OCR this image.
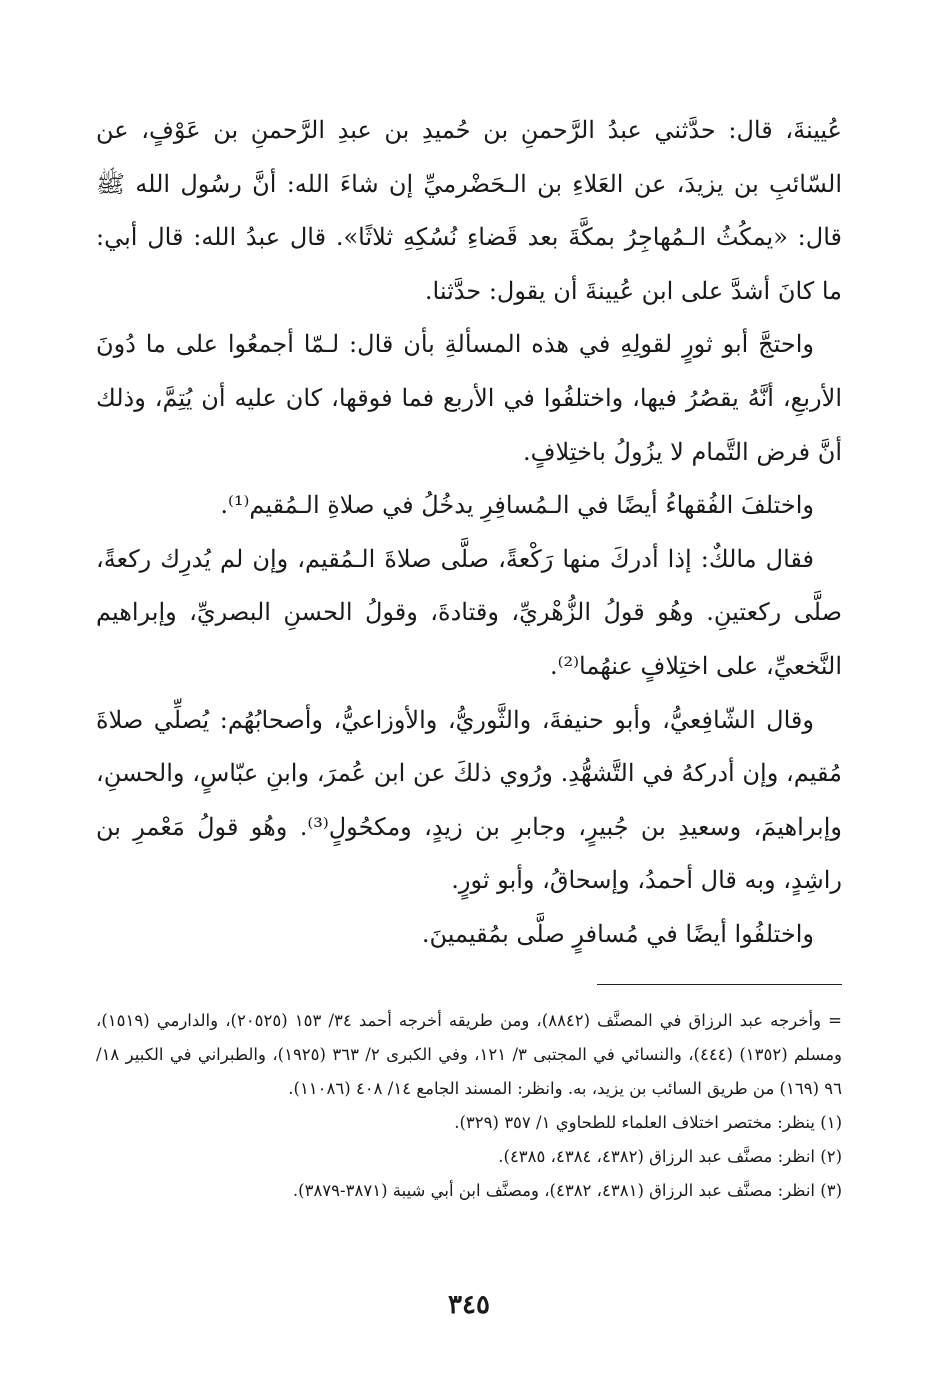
عُيينةَ، قال: حدَّثني عبدُ الرَّحمنِ بن حُميدِ بن عبدِ الرَّحمنِ بن عَوْفٍ، عن السّائبِ بن يزيدَ، عن العَلاءِ بن الـحَضْرميِّ إن شاءَ الله: أنَّ رسُول الله ﷺ قال: «يمكُثُ الـمُهاجِرُ بمكَّةَ بعد قَضاءِ نُسُكِهِ ثلاثًا». قال عبدُ الله: قال أبي: ما كانَ أشدَّ على ابن عُيينةَ أن يقول: حدَّثنا.

واحتجَّ أبو ثورٍ لقولِهِ في هذه المسألةِ بأن قال: لـمّا أجمعُوا على ما دُونَ الأربعِ، أنَّهُ يقصُرُ فيها، واختلفُوا في الأربع فما فوقها، كان عليه أن يُتِمَّ، وذلك أنَّ فرض التَّمام لا يزُولُ باختِلافٍ.

واختلفَ الفُقهاءُ أيضًا في الـمُسافِرِ يدخُلُ في صلاةِ الـمُقيم⁽¹⁾.

فقال مالكٌ: إذا أدركَ منها رَكْعةً، صلَّى صلاةَ الـمُقيم، وإن لم يُدرِك ركعةً، صلَّى ركعتينِ. وهُو قولُ الزُّهْريِّ، وقتادةَ، وقولُ الحسنِ البصريِّ، وإبراهيم النَّخعيِّ، على اختِلافٍ عنهُما⁽²⁾.

وقال الشّافِعيُّ، وأبو حنيفةَ، والثَّوريُّ، والأوزاعيُّ، وأصحابُهُم: يُصلِّي صلاةَ مُقيم، وإن أدركهُ في التَّشهُّدِ. ورُوي ذلكَ عن ابن عُمرَ، وابنِ عبّاسٍ، والحسنِ، وإبراهيمَ، وسعيدِ بن جُبيرٍ، وجابرِ بن زيدٍ، ومكحُولٍ⁽³⁾. وهُو قولُ مَعْمرِ بن راشِدٍ، وبه قال أحمدُ، وإسحاقُ، وأبو ثورٍ.

واختلفُوا أيضًا في مُسافرٍ صلَّى بمُقيمينَ.

= وأخرجه عبد الرزاق في المصنَّف (٨٨٤٢)، ومن طريقه أخرجه أحمد ٣٤/ ١٥٣ (٢٠٥٢٥)، والدارمي (١٥١٩)، ومسلم (١٣٥٢) (٤٤٤)، والنسائي في المجتبى ٣/ ١٢١، وفي الكبرى ٢/ ٣٦٣ (١٩٢٥)، والطبراني في الكبير ١٨/ ٩٦ (١٦٩) من طريق السائب بن يزيد، به. وانظر: المسند الجامع ١٤/ ٤٠٨ (١١٠٨٦).

(١) ينظر: مختصر اختلاف العلماء للطحاوي ١/ ٣٥٧ (٣٢٩).

(٢) انظر: مصنَّف عبد الرزاق (٤٣٨٢، ٤٣٨٤، ٤٣٨٥).

(٣) انظر: مصنَّف عبد الرزاق (٤٣٨١، ٤٣٨٢)، ومصنَّف ابن أبي شيبة (٣٨٧١-٣٨٧٩).

٣٤٥
